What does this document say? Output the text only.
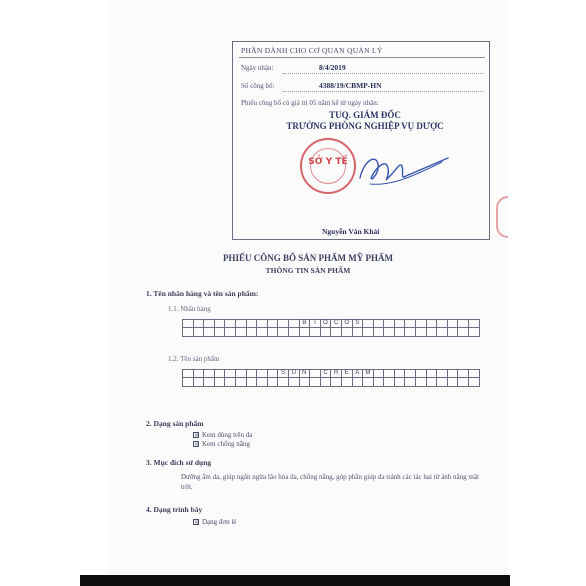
PHẦN DÀNH CHO CƠ QUAN QUẢN LÝ
Ngày nhận:	8/4/2019
Số công bố:	4388/19/CBMP-HN
Phiếu công bố có giá trị 05 năm kể từ ngày nhận:
TUQ. GIÁM ĐỐC
TRƯỞNG PHÒNG NGHIỆP VỤ DƯỢC
SỞ Y TẾ
Nguyễn Văn Khải
PHIẾU CÔNG BỐ SẢN PHẨM MỸ PHẨM
THÔNG TIN SẢN PHẨM
1. Tên nhãn hàng và tên sản phẩm:
1.1. Nhãn hàng
											B	I	O	C	O	S											

1.2. Tên sản phẩm
									S	U	N		C	R	E	A	M										

2. Dạng sản phẩm
× Kem dùng trên da
× Kem chống nắng
3. Mục đích sử dụng
Dưỡng ẩm da, giúp ngăn ngừa lão hóa da, chống nắng, góp phần giúp da tránh các tác hại từ ánh nắng mặt trời.
4. Dạng trình bày
× Dạng đơn lẻ
